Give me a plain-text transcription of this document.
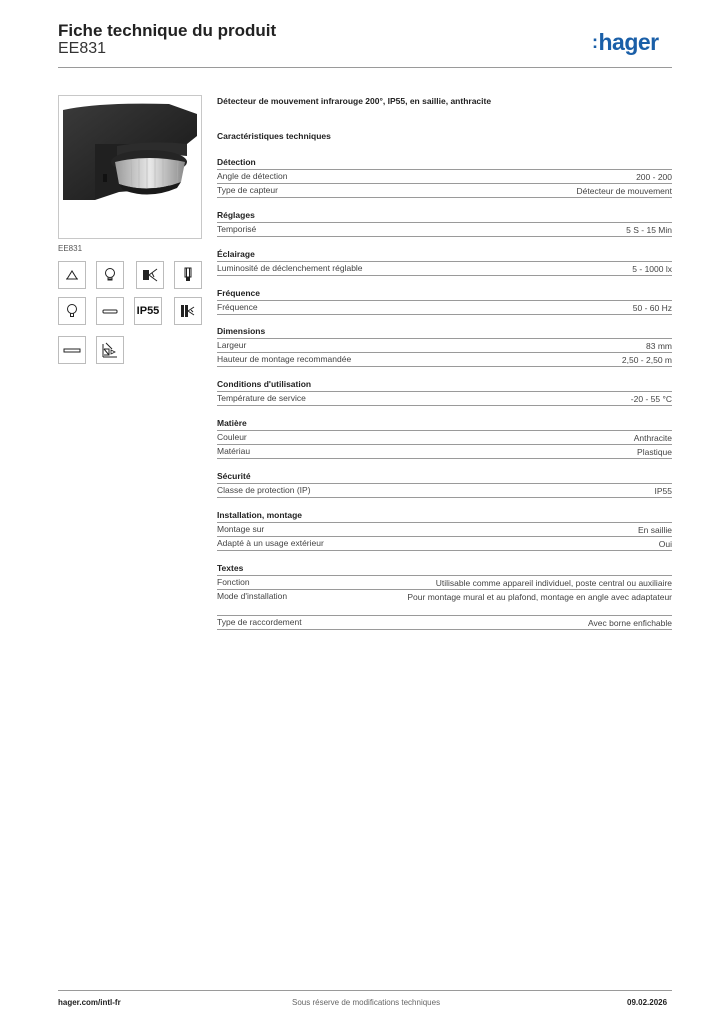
Fiche technique du produit
EE831	:hager
EE831
IP55
Détecteur de mouvement infrarouge 200°, IP55, en saillie, anthracite
Caractéristiques techniques
Détection
Angle de détection	200 - 200
Type de capteur	Détecteur de mouvement
Réglages
Temporisé	5 S - 15 Min
Éclairage
Luminosité de déclenchement réglable	5 - 1000 lx
Fréquence
Fréquence	50 - 60 Hz
Dimensions
Largeur	83 mm
Hauteur de montage recommandée	2,50 - 2,50 m
Conditions d'utilisation
Température de service	-20 - 55 °C
Matière
Couleur	Anthracite
Matériau	Plastique
Sécurité
Classe de protection (IP)	IP55
Installation, montage
Montage sur	En saillie
Adapté à un usage extérieur	Oui
Textes
Fonction	Utilisable comme appareil individuel, poste central ou auxiliaire
Mode d'installation	Pour montage mural et au plafond, montage en angle avec adaptateur
Type de raccordement	Avec borne enfichable
hager.com/intl-fr	Sous réserve de modifications techniques	09.02.2026
